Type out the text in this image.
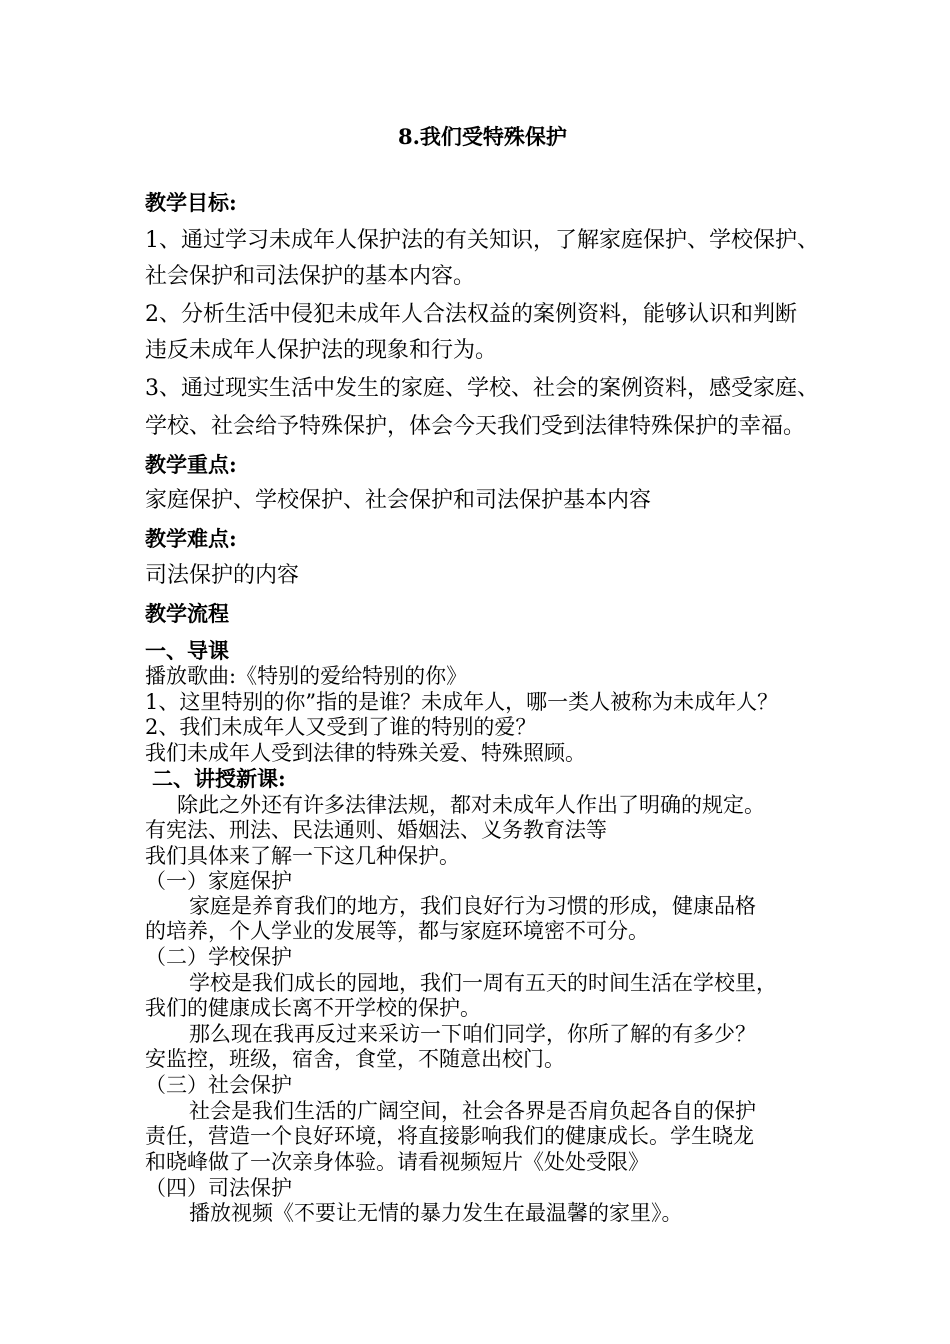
8.我们受特殊保护
教学目标:
1、通过学习未成年人保护法的有关知识，了解家庭保护、学校保护、
社会保护和司法保护的基本内容。
2、分析生活中侵犯未成年人合法权益的案例资料，能够认识和判断
违反未成年人保护法的现象和行为。
3、通过现实生活中发生的家庭、学校、社会的案例资料，感受家庭、
学校、社会给予特殊保护，体会今天我们受到法律特殊保护的幸福。
教学重点:
家庭保护、学校保护、社会保护和司法保护基本内容
教学难点:
司法保护的内容
教学流程
一、导课
播放歌曲:《特别的爱给特别的你》
1、这里特别的你”指的是谁？未成年人，哪一类人被称为未成年人？
2、我们未成年人又受到了谁的特别的爱？
我们未成年人受到法律的特殊关爱、特殊照顾。
二、讲授新课:
除此之外还有许多法律法规，都对未成年人作出了明确的规定。
有宪法、刑法、民法通则、婚姻法、义务教育法等
我们具体来了解一下这几种保护。
（一）家庭保护
家庭是养育我们的地方，我们良好行为习惯的形成，健康品格
的培养，个人学业的发展等，都与家庭环境密不可分。
（二）学校保护
学校是我们成长的园地，我们一周有五天的时间生活在学校里，
我们的健康成长离不开学校的保护。
那么现在我再反过来采访一下咱们同学，你所了解的有多少？
安监控，班级，宿舍，食堂，不随意出校门。
（三）社会保护
社会是我们生活的广阔空间，社会各界是否肩负起各自的保护
责任，营造一个良好环境，将直接影响我们的健康成长。学生晓龙
和晓峰做了一次亲身体验。请看视频短片《处处受限》
（四）司法保护
播放视频《不要让无情的暴力发生在最温馨的家里》。
